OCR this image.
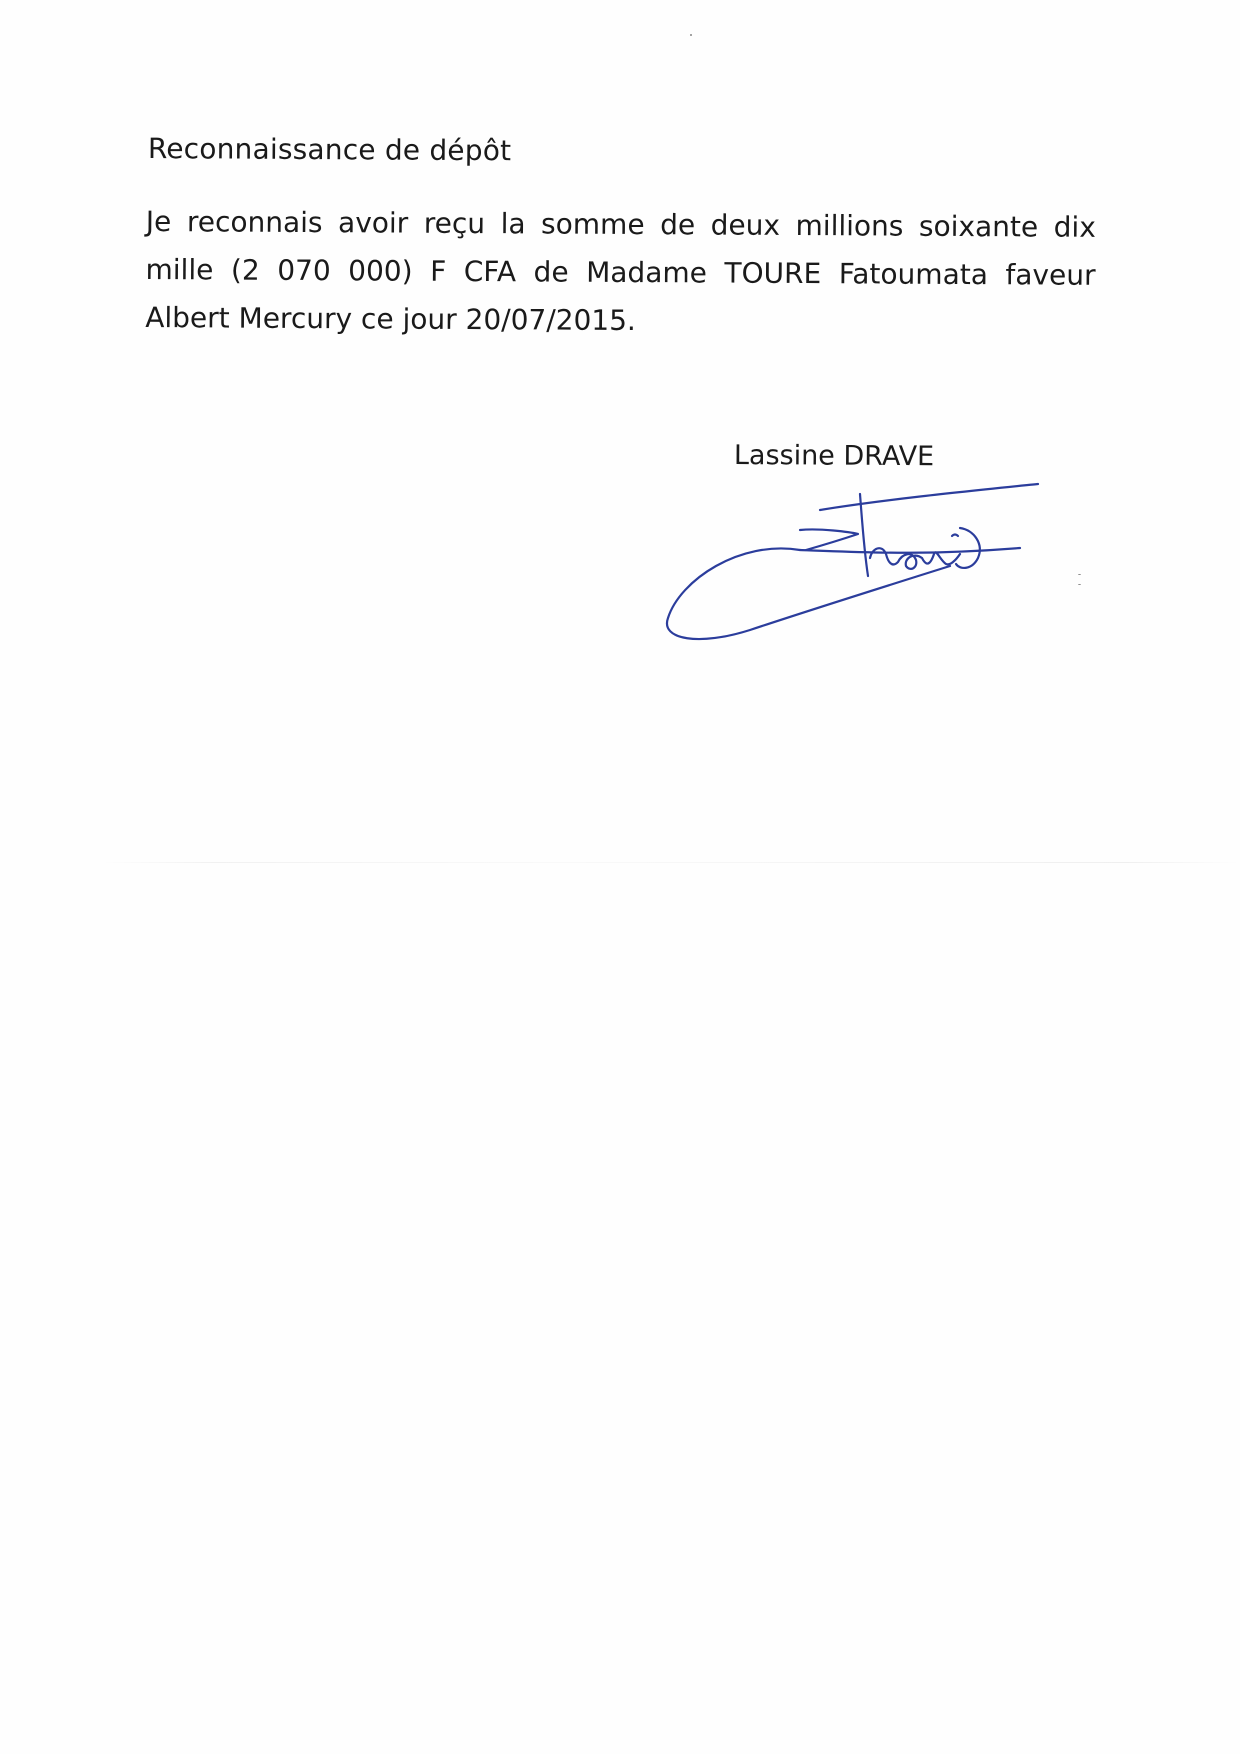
Reconnaissance de dépôt

Je reconnais avoir reçu la somme de deux millions soixante dix mille (2 070 000) F CFA de Madame TOURE Fatoumata faveur Albert Mercury ce jour 20/07/2015.

Lassine DRAVE
